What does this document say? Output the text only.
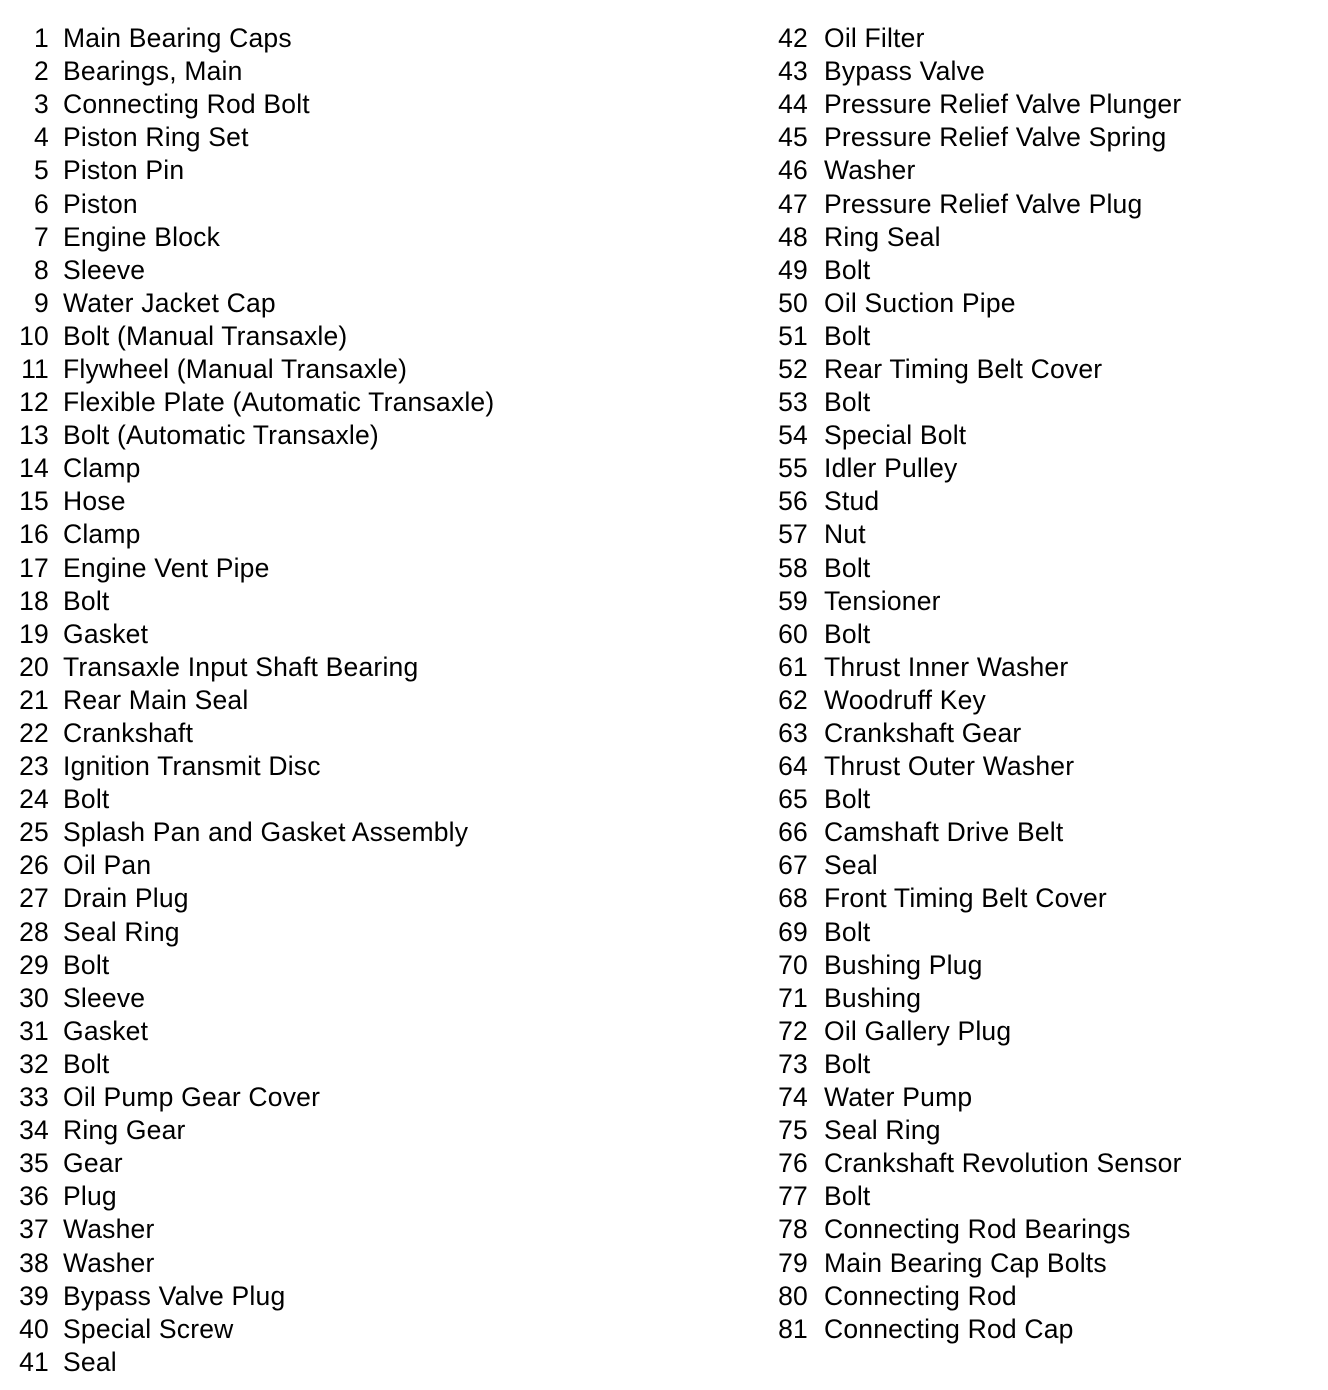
1 Main Bearing Caps
2 Bearings, Main
3 Connecting Rod Bolt
4 Piston Ring Set
5 Piston Pin
6 Piston
7 Engine Block
8 Sleeve
9 Water Jacket Cap
10 Bolt (Manual Transaxle)
11 Flywheel (Manual Transaxle)
12 Flexible Plate (Automatic Transaxle)
13 Bolt (Automatic Transaxle)
14 Clamp
15 Hose
16 Clamp
17 Engine Vent Pipe
18 Bolt
19 Gasket
20 Transaxle Input Shaft Bearing
21 Rear Main Seal
22 Crankshaft
23 Ignition Transmit Disc
24 Bolt
25 Splash Pan and Gasket Assembly
26 Oil Pan
27 Drain Plug
28 Seal Ring
29 Bolt
30 Sleeve
31 Gasket
32 Bolt
33 Oil Pump Gear Cover
34 Ring Gear
35 Gear
36 Plug
37 Washer
38 Washer
39 Bypass Valve Plug
40 Special Screw
41 Seal
42 Oil Filter
43 Bypass Valve
44 Pressure Relief Valve Plunger
45 Pressure Relief Valve Spring
46 Washer
47 Pressure Relief Valve Plug
48 Ring Seal
49 Bolt
50 Oil Suction Pipe
51 Bolt
52 Rear Timing Belt Cover
53 Bolt
54 Special Bolt
55 Idler Pulley
56 Stud
57 Nut
58 Bolt
59 Tensioner
60 Bolt
61 Thrust Inner Washer
62 Woodruff Key
63 Crankshaft Gear
64 Thrust Outer Washer
65 Bolt
66 Camshaft Drive Belt
67 Seal
68 Front Timing Belt Cover
69 Bolt
70 Bushing Plug
71 Bushing
72 Oil Gallery Plug
73 Bolt
74 Water Pump
75 Seal Ring
76 Crankshaft Revolution Sensor
77 Bolt
78 Connecting Rod Bearings
79 Main Bearing Cap Bolts
80 Connecting Rod
81 Connecting Rod Cap
